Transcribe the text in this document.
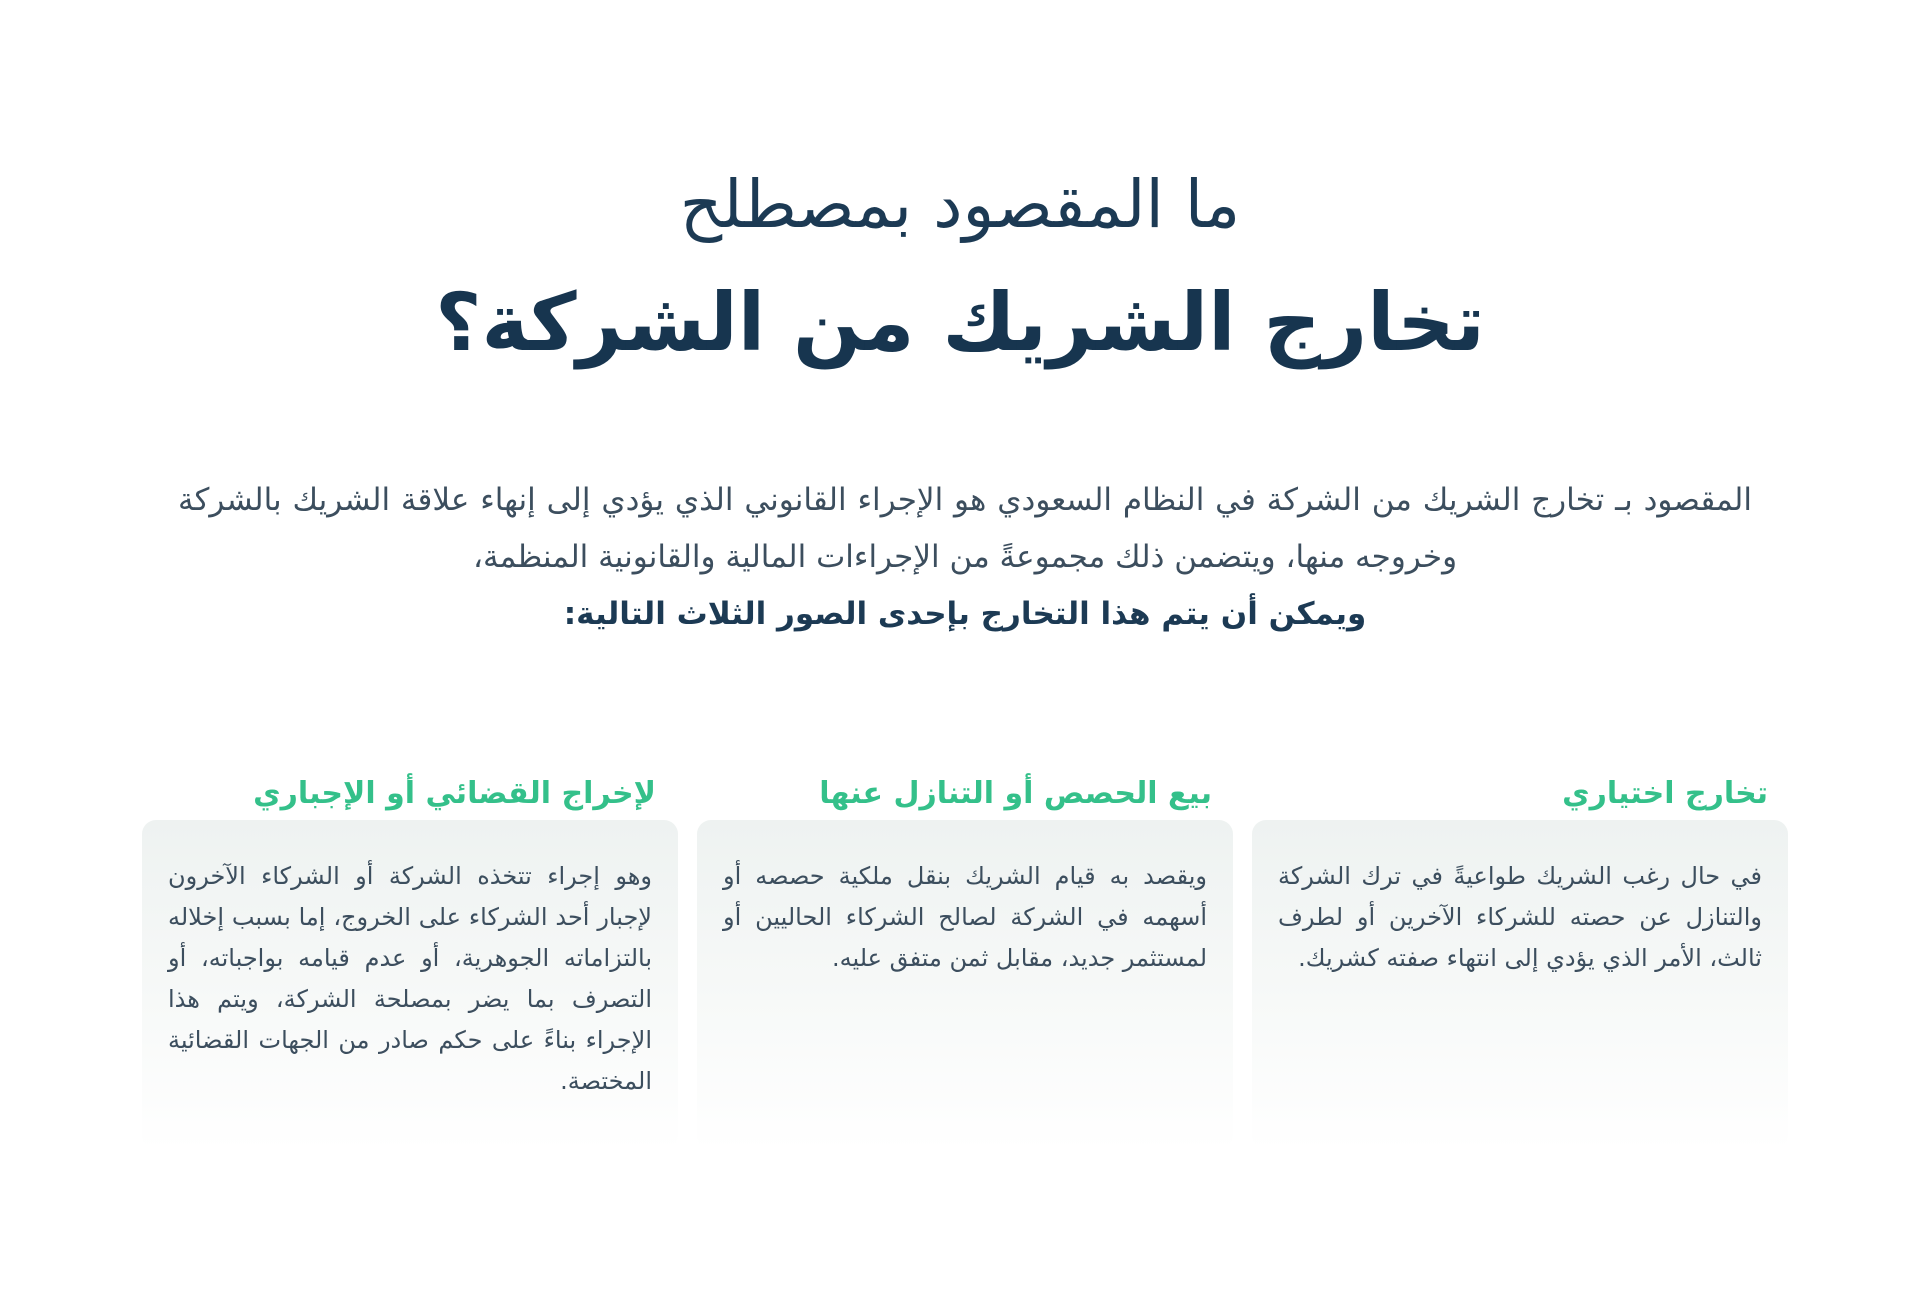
ما المقصود بمصطلح
تخارج الشريك من الشركة؟

المقصود بـ تخارج الشريك من الشركة في النظام السعودي هو الإجراء القانوني الذي يؤدي إلى إنهاء علاقة الشريك بالشركة وخروجه منها، ويتضمن ذلك مجموعةً من الإجراءات المالية والقانونية المنظمة،
ويمكن أن يتم هذا التخارج بإحدى الصور الثلاث التالية:

تخارج اختياري

في حال رغب الشريك طواعيةً في ترك الشركة والتنازل عن حصته للشركاء الآخرين أو لطرف ثالث، الأمر الذي يؤدي إلى انتهاء صفته كشريك.

بيع الحصص أو التنازل عنها

ويقصد به قيام الشريك بنقل ملكية حصصه أو أسهمه في الشركة لصالح الشركاء الحاليين أو لمستثمر جديد، مقابل ثمن متفق عليه.

لإخراج القضائي أو الإجباري

وهو إجراء تتخذه الشركة أو الشركاء الآخرون لإجبار أحد الشركاء على الخروج، إما بسبب إخلاله بالتزاماته الجوهرية، أو عدم قيامه بواجباته، أو التصرف بما يضر بمصلحة الشركة، ويتم هذا الإجراء بناءً على حكم صادر من الجهات القضائية المختصة.
